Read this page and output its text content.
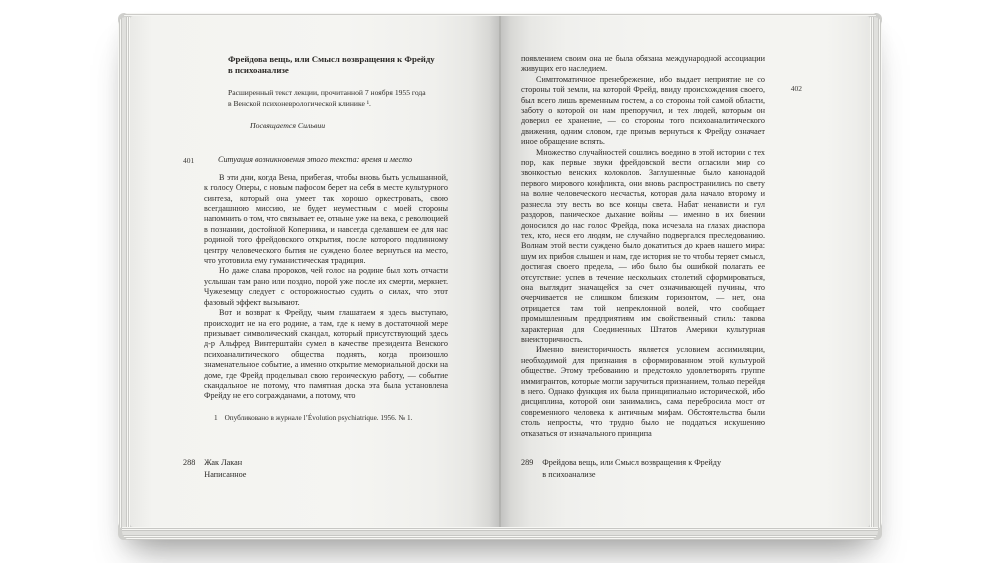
Фрейдова вещь, или Смысл возвращения к Фрейду
в психоанализе

Расширенный текст лекции, прочитанной 7 ноября 1955 года в Венской психоневрологической клинике ¹.

Посвящается Сильвии

401	Ситуация возникновения этого текста: время и место

В эти дни, когда Вена, прибегая, чтобы вновь быть услышанной, к голосу Оперы, с новым пафосом берет на себя в месте культурного синтеза, который она умеет так хорошо оркестровать, свою всегдашнюю миссию, не будет неуместным с моей стороны напомнить о том, что связывает ее, отныне уже на века, с революцией в познании, достойной Коперника, и навсегда сделавшем ее для нас родиной того фрейдовского открытия, после которого подлинному центру человеческого бытия не суждено более вернуться на место, что уготовила ему гуманистическая традиция.

Но даже слава пророков, чей голос на родине был хоть отчасти услышан там рано или поздно, порой уже после их смерти, меркнет. Чужеземцу следует с осторожностью судить о силах, что этот фазовый эффект вызывают.

Вот и возврат к Фрейду, чьим глашатаем я здесь выступаю, происходит не на его родине, а там, где к нему в достаточной мере призывает символический скандал, который присутствующий здесь д-р Альфред Винтерштайн сумел в качестве президента Венского психоаналитического общества поднять, когда произошло знаменательное событие, а именно открытие мемориальной доски на доме, где Фрейд проделывал свою героическую работу, — событие скандальное не потому, что памятная доска эта была установлена Фрейду не его согражданами, а потому, что

1 Опубликовано в журнале l’Évolution psychiatrique. 1956. № 1.

288 Жак Лакан
Написанное
402

появлением своим она не была обязана международной ассоциации живущих его наследием.

Симптоматичное пренебрежение, ибо выдает неприятие не со стороны той земли, на которой Фрейд, ввиду происхождения своего, был всего лишь временным гостем, а со стороны той самой области, заботу о которой он нам препоручил, и тех людей, которым он доверил ее хранение, — со стороны того психоаналитического движения, одним словом, где призыв вернуться к Фрейду означает иное обращение вспять.

Множество случайностей сошлись воедино в этой истории с тех пор, как первые звуки фрейдовской вести огласили мир со звонкостью венских колоколов. Заглушенные было канонадой первого мирового конфликта, они вновь распространились по свету на волне человеческого несчастья, которая дала начало второму и разнесла эту весть во все концы света. Набат ненависти и гул раздоров, паническое дыхание войны — именно в их биении доносился до нас голос Фрейда, пока исчезала на глазах диаспора тех, кто, неся его людям, не случайно подвергался преследованию. Волнам этой вести суждено было докатиться до краев нашего мира: шум их прибоя слышен и нам, где история не то чтобы теряет смысл, достигая своего предела, — ибо было бы ошибкой полагать ее отсутствие: успев в течение нескольких столетий сформироваться, она выглядит значащейся за счет означивающей пучины, что очерчивается не слишком близким горизонтом, — нет, она отрицается там той непреклонной волей, что сообщает промышленным предприятиям им свойственный стиль: такова характерная для Соединенных Штатов Америки культурная внеисторичность.

Именно внеисторичность является условием ассимиляции, необходимой для признания в сформированном этой культурой обществе. Этому требованию и предстояло удовлетворять группе иммигрантов, которые могли заручиться признанием, только перейдя в него. Однако функция их была принципиально исторической, ибо дисциплина, которой они занимались, сама перебросила мост от современного человека к античным мифам. Обстоятельства были столь непросты, что трудно было не поддаться искушению отказаться от изначального принципа

289 Фрейдова вещь, или Смысл возвращения к Фрейду
в психоанализе
